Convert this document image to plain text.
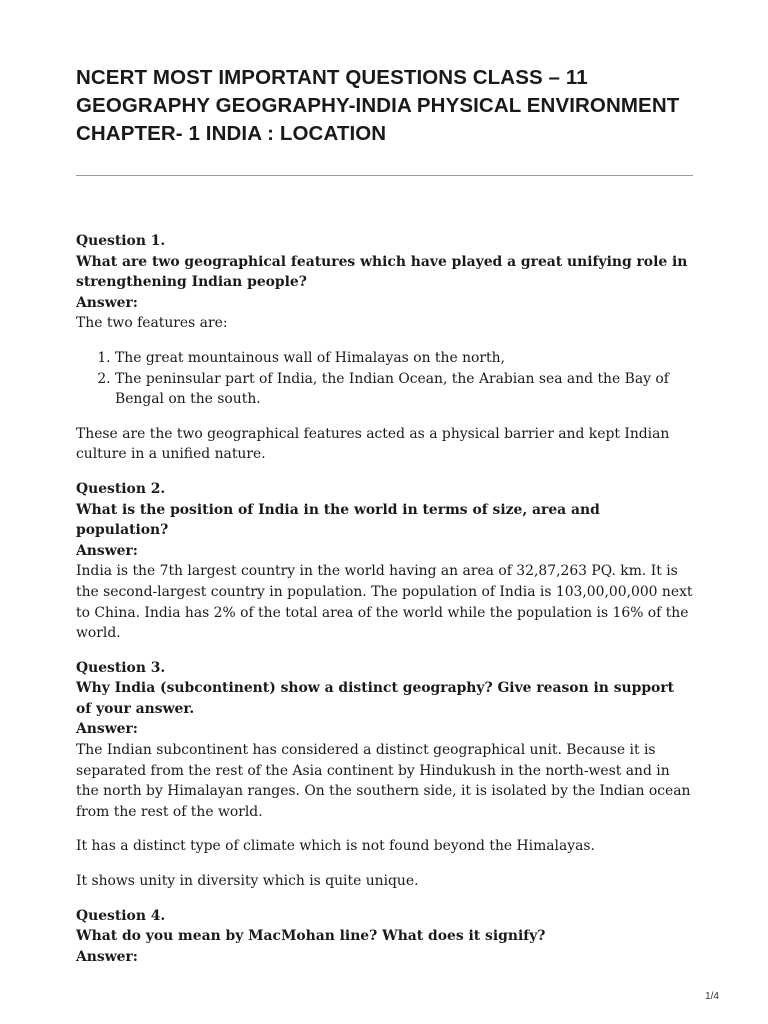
NCERT MOST IMPORTANT QUESTIONS CLASS – 11 GEOGRAPHY GEOGRAPHY-INDIA PHYSICAL ENVIRONMENT CHAPTER- 1 INDIA : LOCATION

Question 1.

What are two geographical features which have played a great unifying role in strengthening Indian people?

Answer:

The two features are:

1. The great mountainous wall of Himalayas on the north,
2. The peninsular part of India, the Indian Ocean, the Arabian sea and the Bay of Bengal on the south.

These are the two geographical features acted as a physical barrier and kept Indian culture in a unified nature.

Question 2.

What is the position of India in the world in terms of size, area and population?

Answer:

India is the 7th largest country in the world having an area of 32,87,263 PQ. km. It is the second-largest country in population. The population of India is 103,00,00,000 next to China. India has 2% of the total area of the world while the population is 16% of the world.

Question 3.

Why India (subcontinent) show a distinct geography? Give reason in support of your answer.

Answer:

The Indian subcontinent has considered a distinct geographical unit. Because it is separated from the rest of the Asia continent by Hindukush in the north-west and in the north by Himalayan ranges. On the southern side, it is isolated by the Indian ocean from the rest of the world.

It has a distinct type of climate which is not found beyond the Himalayas.

It shows unity in diversity which is quite unique.

Question 4.

What do you mean by MacMohan line? What does it signify?

Answer:

1/4
